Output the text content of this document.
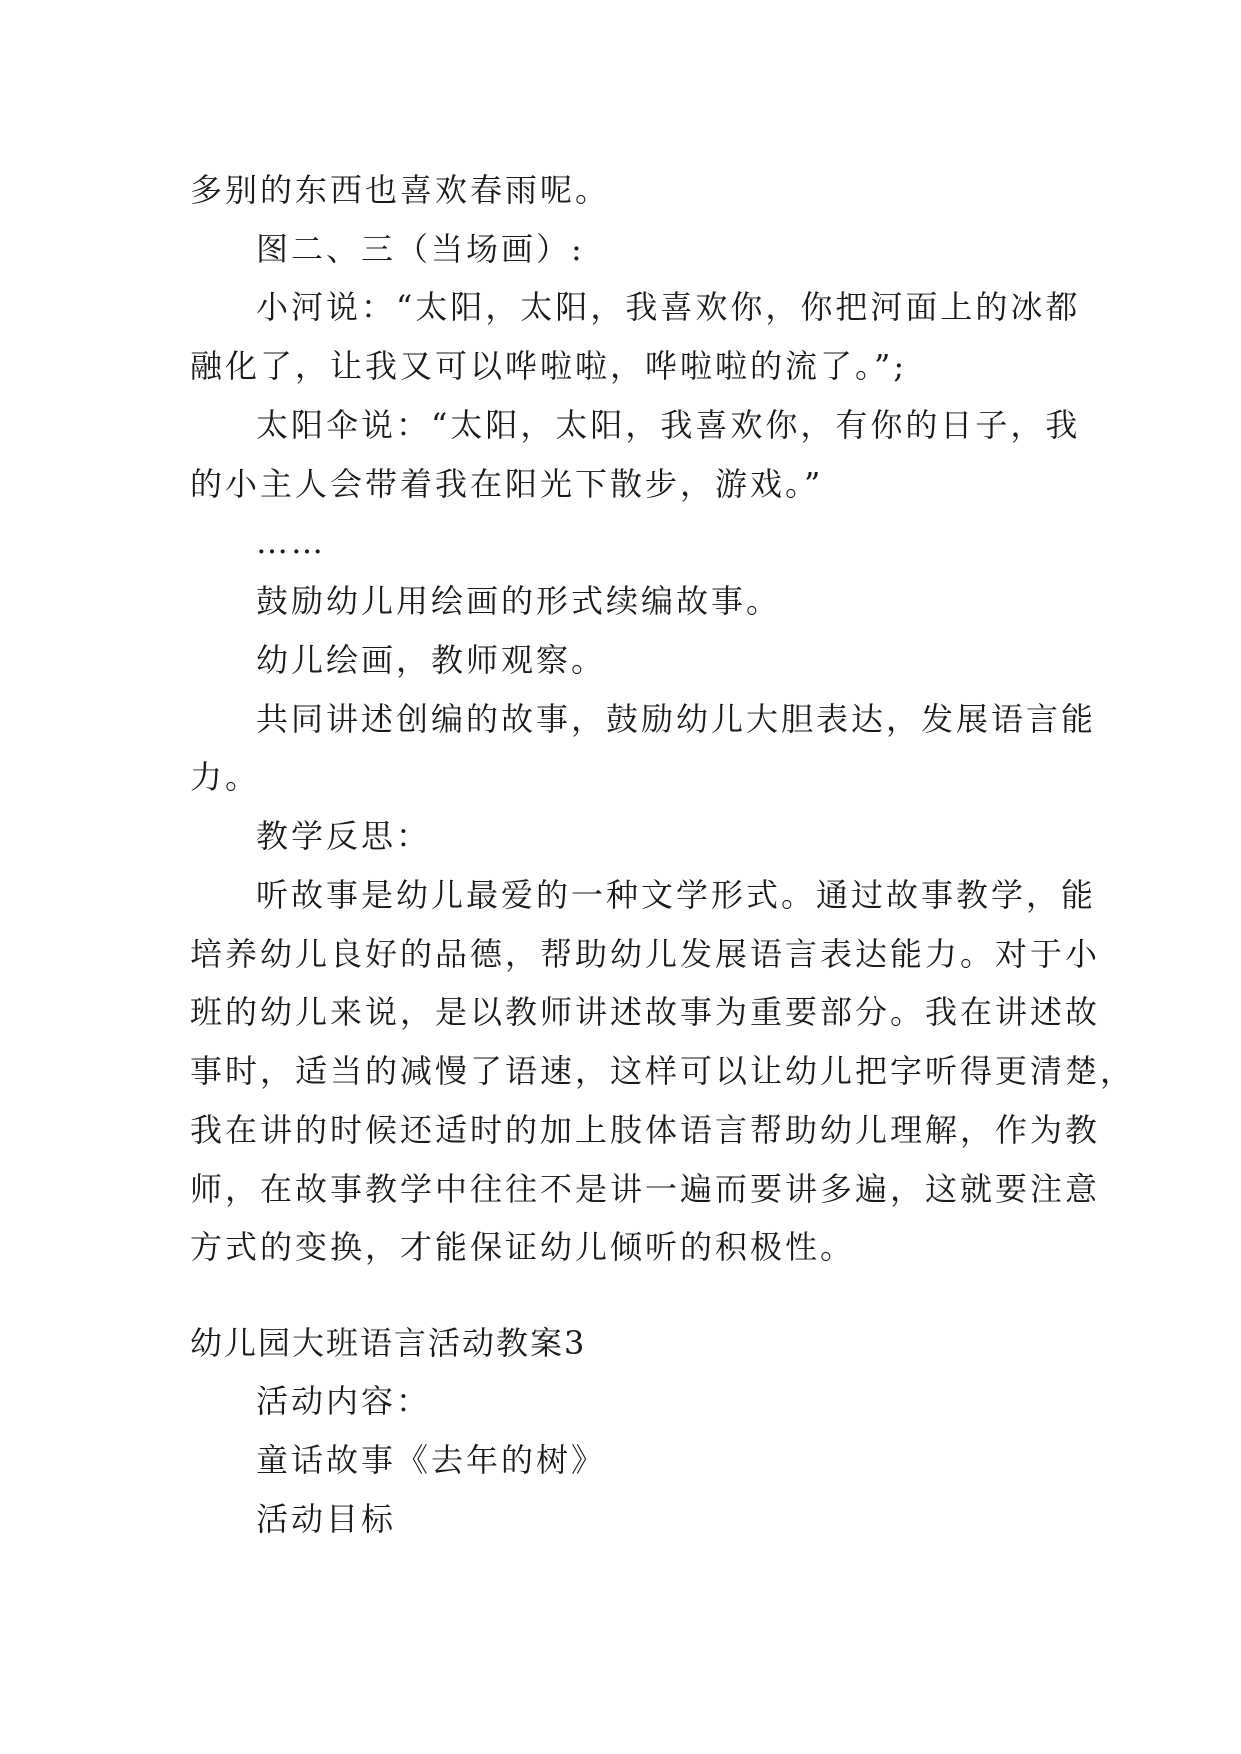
多别的东西也喜欢春雨呢。
图二、三（当场画）:
小河说：“太阳，太阳，我喜欢你，你把河面上的冰都
融化了，让我又可以哗啦啦，哗啦啦的流了。”;
太阳伞说：“太阳，太阳，我喜欢你，有你的日子，我
的小主人会带着我在阳光下散步，游戏。”
……
鼓励幼儿用绘画的形式续编故事。
幼儿绘画，教师观察。
共同讲述创编的故事，鼓励幼儿大胆表达，发展语言能
力。
教学反思：
听故事是幼儿最爱的一种文学形式。通过故事教学，能
培养幼儿良好的品德，帮助幼儿发展语言表达能力。对于小
班的幼儿来说，是以教师讲述故事为重要部分。我在讲述故
事时，适当的减慢了语速，这样可以让幼儿把字听得更清楚，
我在讲的时候还适时的加上肢体语言帮助幼儿理解，作为教
师，在故事教学中往往不是讲一遍而要讲多遍，这就要注意
方式的变换，才能保证幼儿倾听的积极性。
幼儿园大班语言活动教案3
活动内容：
童话故事《去年的树》
活动目标
